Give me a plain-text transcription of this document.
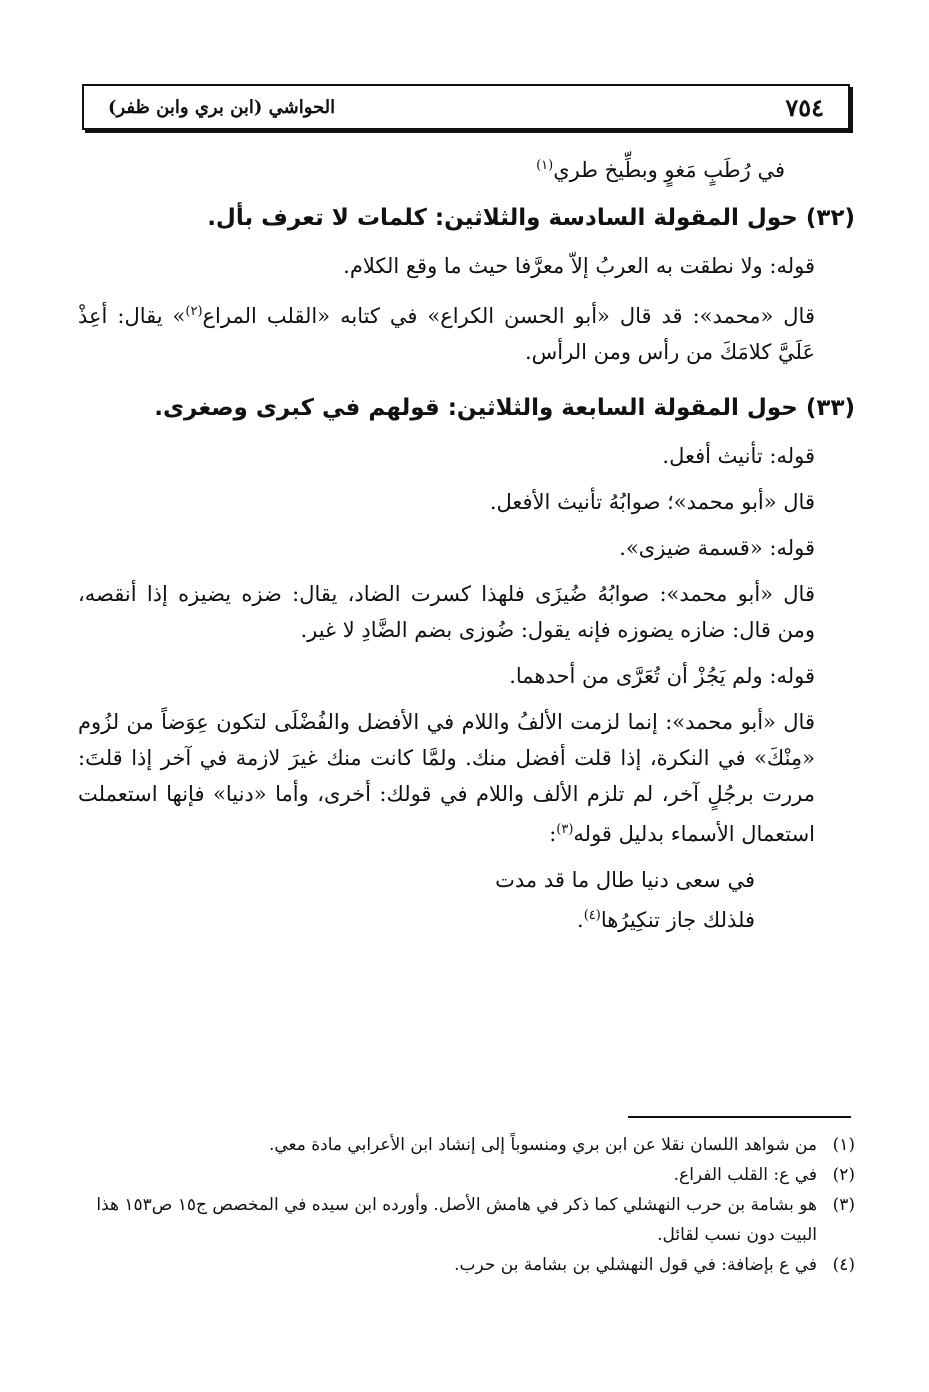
٧٥٤
الحواشي (ابن بري وابن ظفر)

في رُطَبٍ مَغوٍ وبطِّيخ طري$^{(١)}$

(٣٢) حول المقولة السادسة والثلاثين: كلمات لا تعرف بأل.

قوله: ولا نطقت به العربُ إلاّ معرَّفا حيث ما وقع الكلام.

قال «محمد»: قد قال «أبو الحسن الكراع» في كتابه «القلب المراع$^{(٢)}$» يقال: أعِذْ عَلَيَّ كلامَكَ من رأس ومن الرأس.

(٣٣) حول المقولة السابعة والثلاثين: قولهم في كبرى وصغرى.

قوله: تأنيث أفعل.

قال «أبو محمد»؛ صوابُهُ تأنيث الأفعل.

قوله: «قسمة ضيزى».

قال «أبو محمد»: صوابُهُ ضُيزَى فلهذا كسرت الضاد، يقال: ضزه يضيزه إذا أنقصه، ومن قال: ضازه يضوزه فإنه يقول: ضُوزى بضم الضَّادِ لا غير.

قوله: ولم يَجُزْ أن تُعَرَّى من أحدهما.

قال «أبو محمد»: إنما لزمت الألفُ واللام في الأفضل والفُضْلَى لتكون عِوَضاً من لزُوم «مِنْكَ» في النكرة، إذا قلت أفضل منك. ولمَّا كانت منك غيرَ لازمة في آخر إذا قلتَ: مررت برجُلٍ آخر، لم تلزم الألف واللام في قولك: أخرى، وأما «دنيا» فإنها استعملت استعمال الأسماء بدليل قوله$^{(٣)}$:

في سعى دنيا طال ما قد مدت
فلذلك جاز تنكِيرُها$^{(٤)}$.

(١)
من شواهد اللسان نقلا عن ابن بري ومنسوباً إلى إنشاد ابن الأعرابي مادة معي.

(٢)
في ع: القلب الفراع.

(٣)
هو بشامة بن حرب النهشلي كما ذكر في هامش الأصل. وأورده ابن سيده في المخصص ج١٥ ص١٥٣ هذا البيت دون نسب لقائل.

(٤)
في ع بإضافة: في قول النهشلي بن بشامة بن حرب.
